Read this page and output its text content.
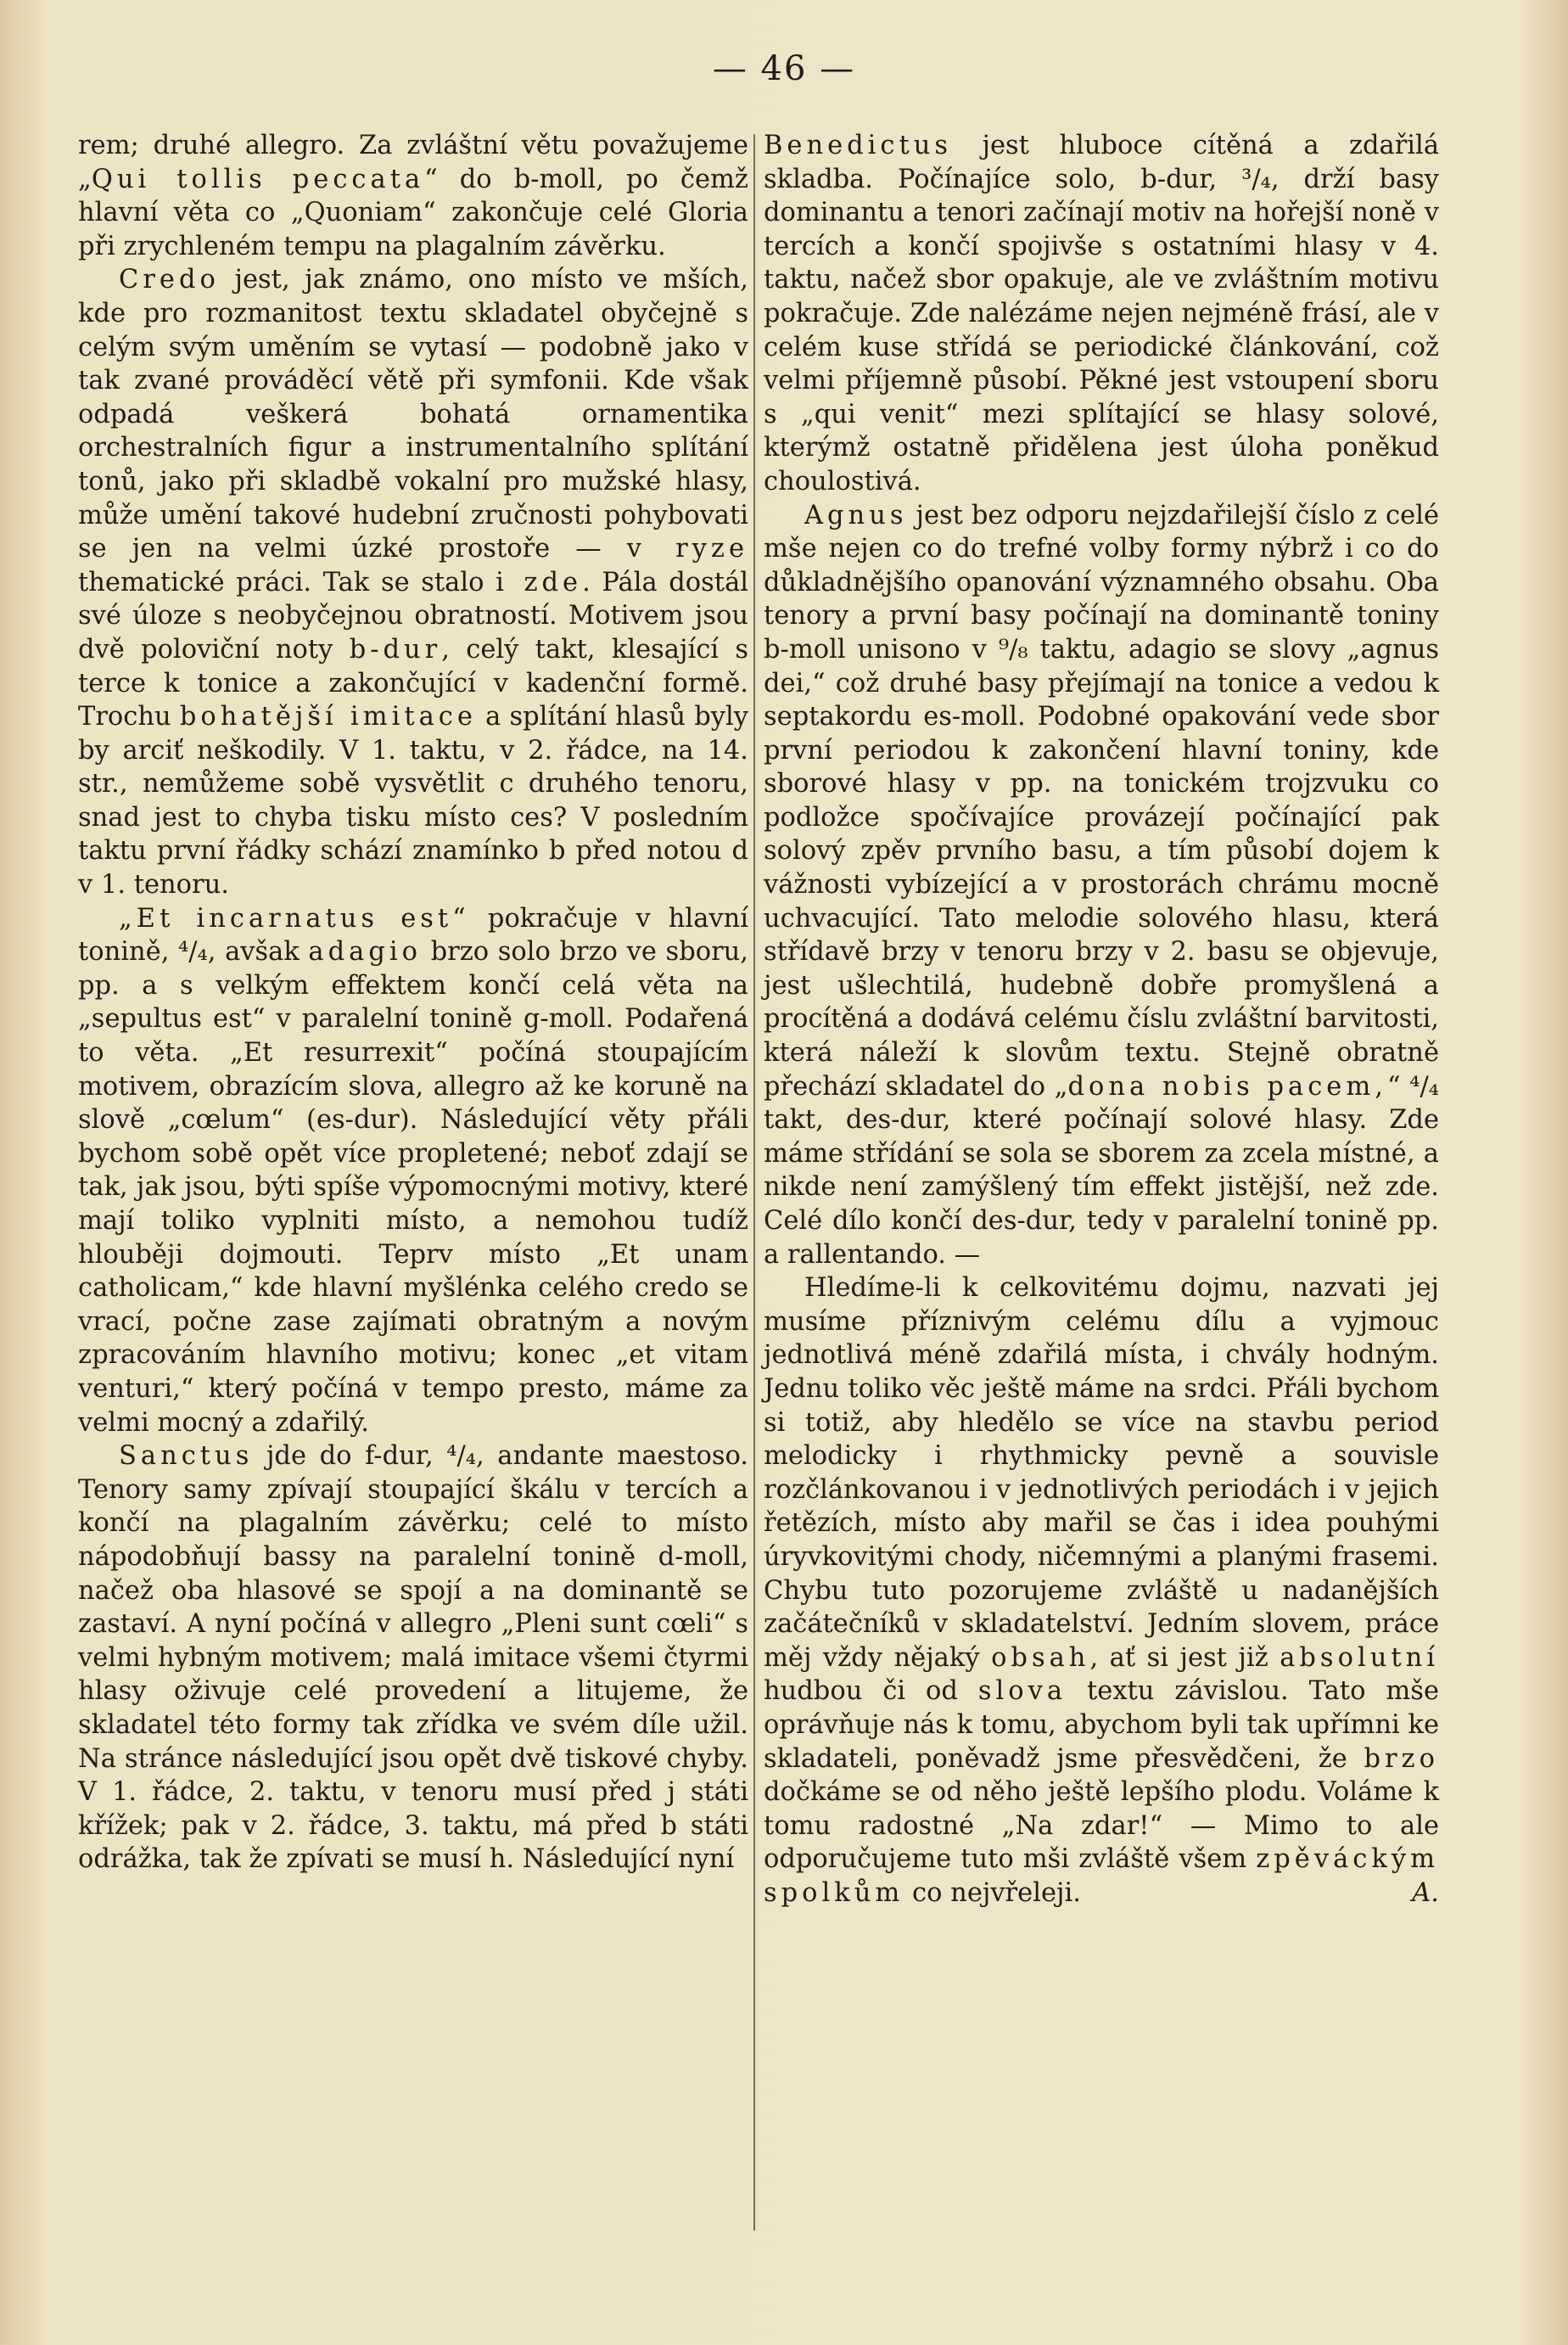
— 46 —

rem; druhé allegro. Za zvláštní větu považujeme „Qui tollis peccata“ do b-moll, po čemž hlavní věta co „Quoniam“ zakončuje celé Gloria při zrychleném tempu na plagalním závěrku.

Credo jest, jak známo, ono místo ve mších, kde pro rozmanitost textu skladatel obyčejně s celým svým uměním se vytasí — podobně jako v tak zvané prováděcí větě při symfonii. Kde však odpadá veškerá bohatá ornamentika orchestralních figur a instrumentalního splítání tonů, jako při skladbě vokalní pro mužské hlasy, může umění takové hudební zručnosti pohybovati se jen na velmi úzké prostoře — v ryze thematické práci. Tak se stalo i zde. Pála dostál své úloze s neobyčejnou obratností. Motivem jsou dvě poloviční noty b-dur, celý takt, klesající s terce k tonice a zakončující v kadenční formě. Trochu bohatější imitace a splítání hlasů byly by arciť neškodily. V 1. taktu, v 2. řádce, na 14. str., nemůžeme sobě vysvětlit c druhého tenoru, snad jest to chyba tisku místo ces? V posledním taktu první řádky schází znamínko b před notou d v 1. tenoru.

„Et incarnatus est“ pokračuje v hlavní tonině, ⁴/₄, avšak adagio brzo solo brzo ve sboru, pp. a s velkým effektem končí celá věta na „sepultus est“ v paralelní tonině g-moll. Podařená to věta. „Et resurrexit“ počíná stoupajícím motivem, obrazícím slova, allegro až ke koruně na slově „cœlum“ (es-dur). Následující věty přáli bychom sobě opět více propletené; neboť zdají se tak, jak jsou, býti spíše výpomocnými motivy, které mají toliko vyplniti místo, a nemohou tudíž hlouběji dojmouti. Teprv místo „Et unam catholicam,“ kde hlavní myšlénka celého credo se vrací, počne zase zajímati obratným a novým zpracováním hlavního motivu; konec „et vitam venturi,“ který počíná v tempo presto, máme za velmi mocný a zdařilý.

Sanctus jde do f-dur, ⁴/₄, andante maestoso. Tenory samy zpívají stoupající škálu v tercích a končí na plagalním závěrku; celé to místo nápodobňují bassy na paralelní tonině d-moll, načež oba hlasové se spojí a na dominantě se zastaví. A nyní počíná v allegro „Pleni sunt cœli“ s velmi hybným motivem; malá imitace všemi čtyrmi hlasy oživuje celé provedení a litujeme, že skladatel této formy tak zřídka ve svém díle užil. Na stránce následující jsou opět dvě tiskové chyby. V 1. řádce, 2. taktu, v tenoru musí před j státi křížek; pak v 2. řádce, 3. taktu, má před b státi odrážka, tak že zpívati se musí h. Následující nyní

Benedictus jest hluboce cítěná a zdařilá skladba. Počínajíce solo, b-dur, ³/₄, drží basy dominantu a tenori začínají motiv na hořejší noně v tercích a končí spojivše s ostatními hlasy v 4. taktu, načež sbor opakuje, ale ve zvláštním motivu pokračuje. Zde nalézáme nejen nejméně frásí, ale v celém kuse střídá se periodické článkování, což velmi příjemně působí. Pěkné jest vstoupení sboru s „qui venit“ mezi splítající se hlasy solové, kterýmž ostatně přidělena jest úloha poněkud choulostivá.

Agnus jest bez odporu nejzdařilejší číslo z celé mše nejen co do trefné volby formy nýbrž i co do důkladnějšího opanování významného obsahu. Oba tenory a první basy počínají na dominantě toniny b-moll unisono v ⁹/₈ taktu, adagio se slovy „agnus dei,“ což druhé basy přejímají na tonice a vedou k septakordu es-moll. Podobné opakování vede sbor první periodou k zakončení hlavní toniny, kde sborové hlasy v pp. na tonickém trojzvuku co podložce spočívajíce provázejí počínající pak solový zpěv prvního basu, a tím působí dojem k vážnosti vybízející a v prostorách chrámu mocně uchvacující. Tato melodie solového hlasu, která střídavě brzy v tenoru brzy v 2. basu se objevuje, jest ušlechtilá, hudebně dobře promyšlená a procítěná a dodává celému číslu zvláštní barvitosti, která náleží k slovům textu. Stejně obratně přechází skladatel do „dona nobis pacem,“ ⁴/₄ takt, des-dur, které počínají solové hlasy. Zde máme střídání se sola se sborem za zcela místné, a nikde není zamýšlený tím effekt jistější, než zde. Celé dílo končí des-dur, tedy v paralelní tonině pp. a rallentando. —

Hledíme-li k celkovitému dojmu, nazvati jej musíme příznivým celému dílu a vyjmouc jednotlivá méně zdařilá místa, i chvály hodným. Jednu toliko věc ještě máme na srdci. Přáli bychom si totiž, aby hledělo se více na stavbu period melodicky i rhythmicky pevně a souvisle rozčlánkovanou i v jednotlivých periodách i v jejich řetězích, místo aby mařil se čas i idea pouhými úryvkovitými chody, ničemnými a planými frasemi. Chybu tuto pozorujeme zvláště u nadanějších začátečníků v skladatelství. Jedním slovem, práce měj vždy nějaký obsah, ať si jest již absolutní hudbou či od slova textu závislou. Tato mše oprávňuje nás k tomu, abychom byli tak upřímni ke skladateli, poněvadž jsme přesvědčeni, že brzo dočkáme se od něho ještě lepšího plodu. Voláme k tomu radostné „Na zdar!“ — Mimo to ale odporučujeme tuto mši zvláště všem zpěváckým spolkům co nejvřeleji.	A.
